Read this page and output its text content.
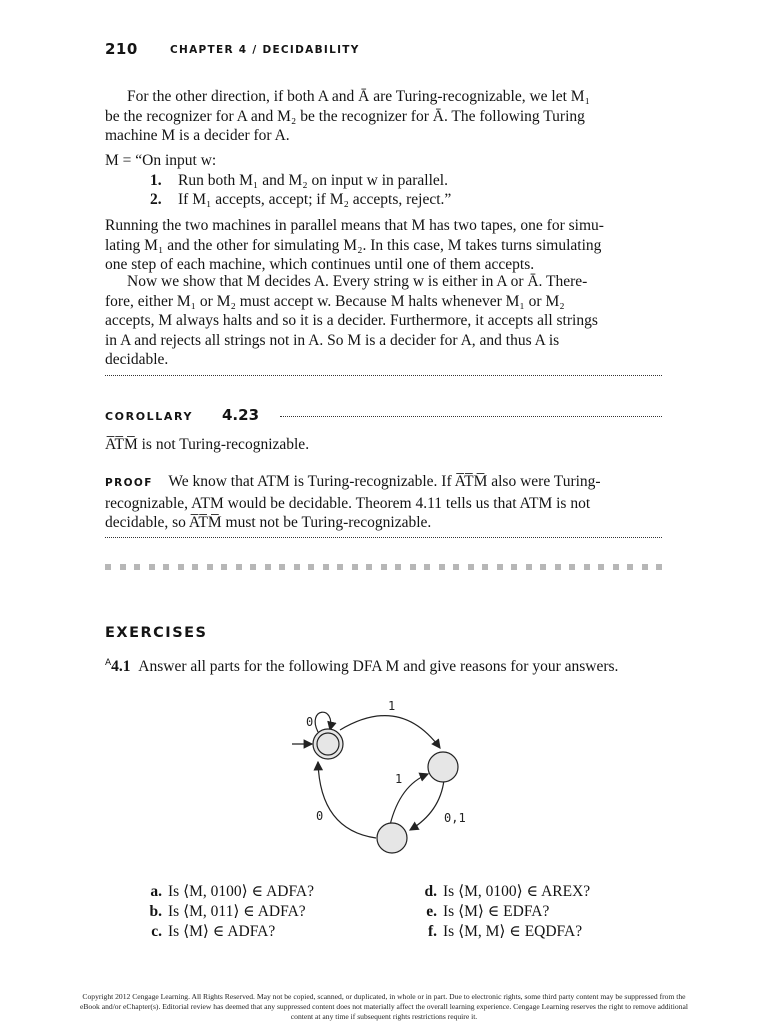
210	CHAPTER 4 / DECIDABILITY
For the other direction, if both A and Ā are Turing-recognizable, we let M₁
be the recognizer for A and M₂ be the recognizer for Ā. The following Turing
machine M is a decider for A.
M = “On input w:
1. Run both M₁ and M₂ on input w in parallel.
2. If M₁ accepts, accept; if M₂ accepts, reject.”
Running the two machines in parallel means that M has two tapes, one for simu-
lating M₁ and the other for simulating M₂. In this case, M takes turns simulating
one step of each machine, which continues until one of them accepts.
Now we show that M decides A. Every string w is either in A or Ā. There-
fore, either M₁ or M₂ must accept w. Because M halts whenever M₁ or M₂
accepts, M always halts and so it is a decider. Furthermore, it accepts all strings
in A and rejects all strings not in A. So M is a decider for A, and thus A is
decidable.
COROLLARY 4.23
A̅T̅M̅ is not Turing-recognizable.
PROOF We know that ATM is Turing-recognizable. If A̅T̅M̅ also were Turing-
recognizable, ATM would be decidable. Theorem 4.11 tells us that ATM is not
decidable, so A̅T̅M̅ must not be Turing-recognizable.
EXERCISES
$^A$4.1 Answer all parts for the following DFA M and give reasons for your answers.
0
1
1
0	0,1
a. Is ⟨M, 0100⟩ ∈ ADFA?
b. Is ⟨M, 011⟩ ∈ ADFA?
c. Is ⟨M⟩ ∈ ADFA?
d. Is ⟨M, 0100⟩ ∈ AREX?
e. Is ⟨M⟩ ∈ EDFA?
f. Is ⟨M, M⟩ ∈ EQDFA?
Copyright 2012 Cengage Learning. All Rights Reserved. May not be copied, scanned, or duplicated, in whole or in part. Due to electronic rights, some third party content may be suppressed from the
eBook and/or eChapter(s). Editorial review has deemed that any suppressed content does not materially affect the overall learning experience. Cengage Learning reserves the right to remove additional
content at any time if subsequent rights restrictions require it.
